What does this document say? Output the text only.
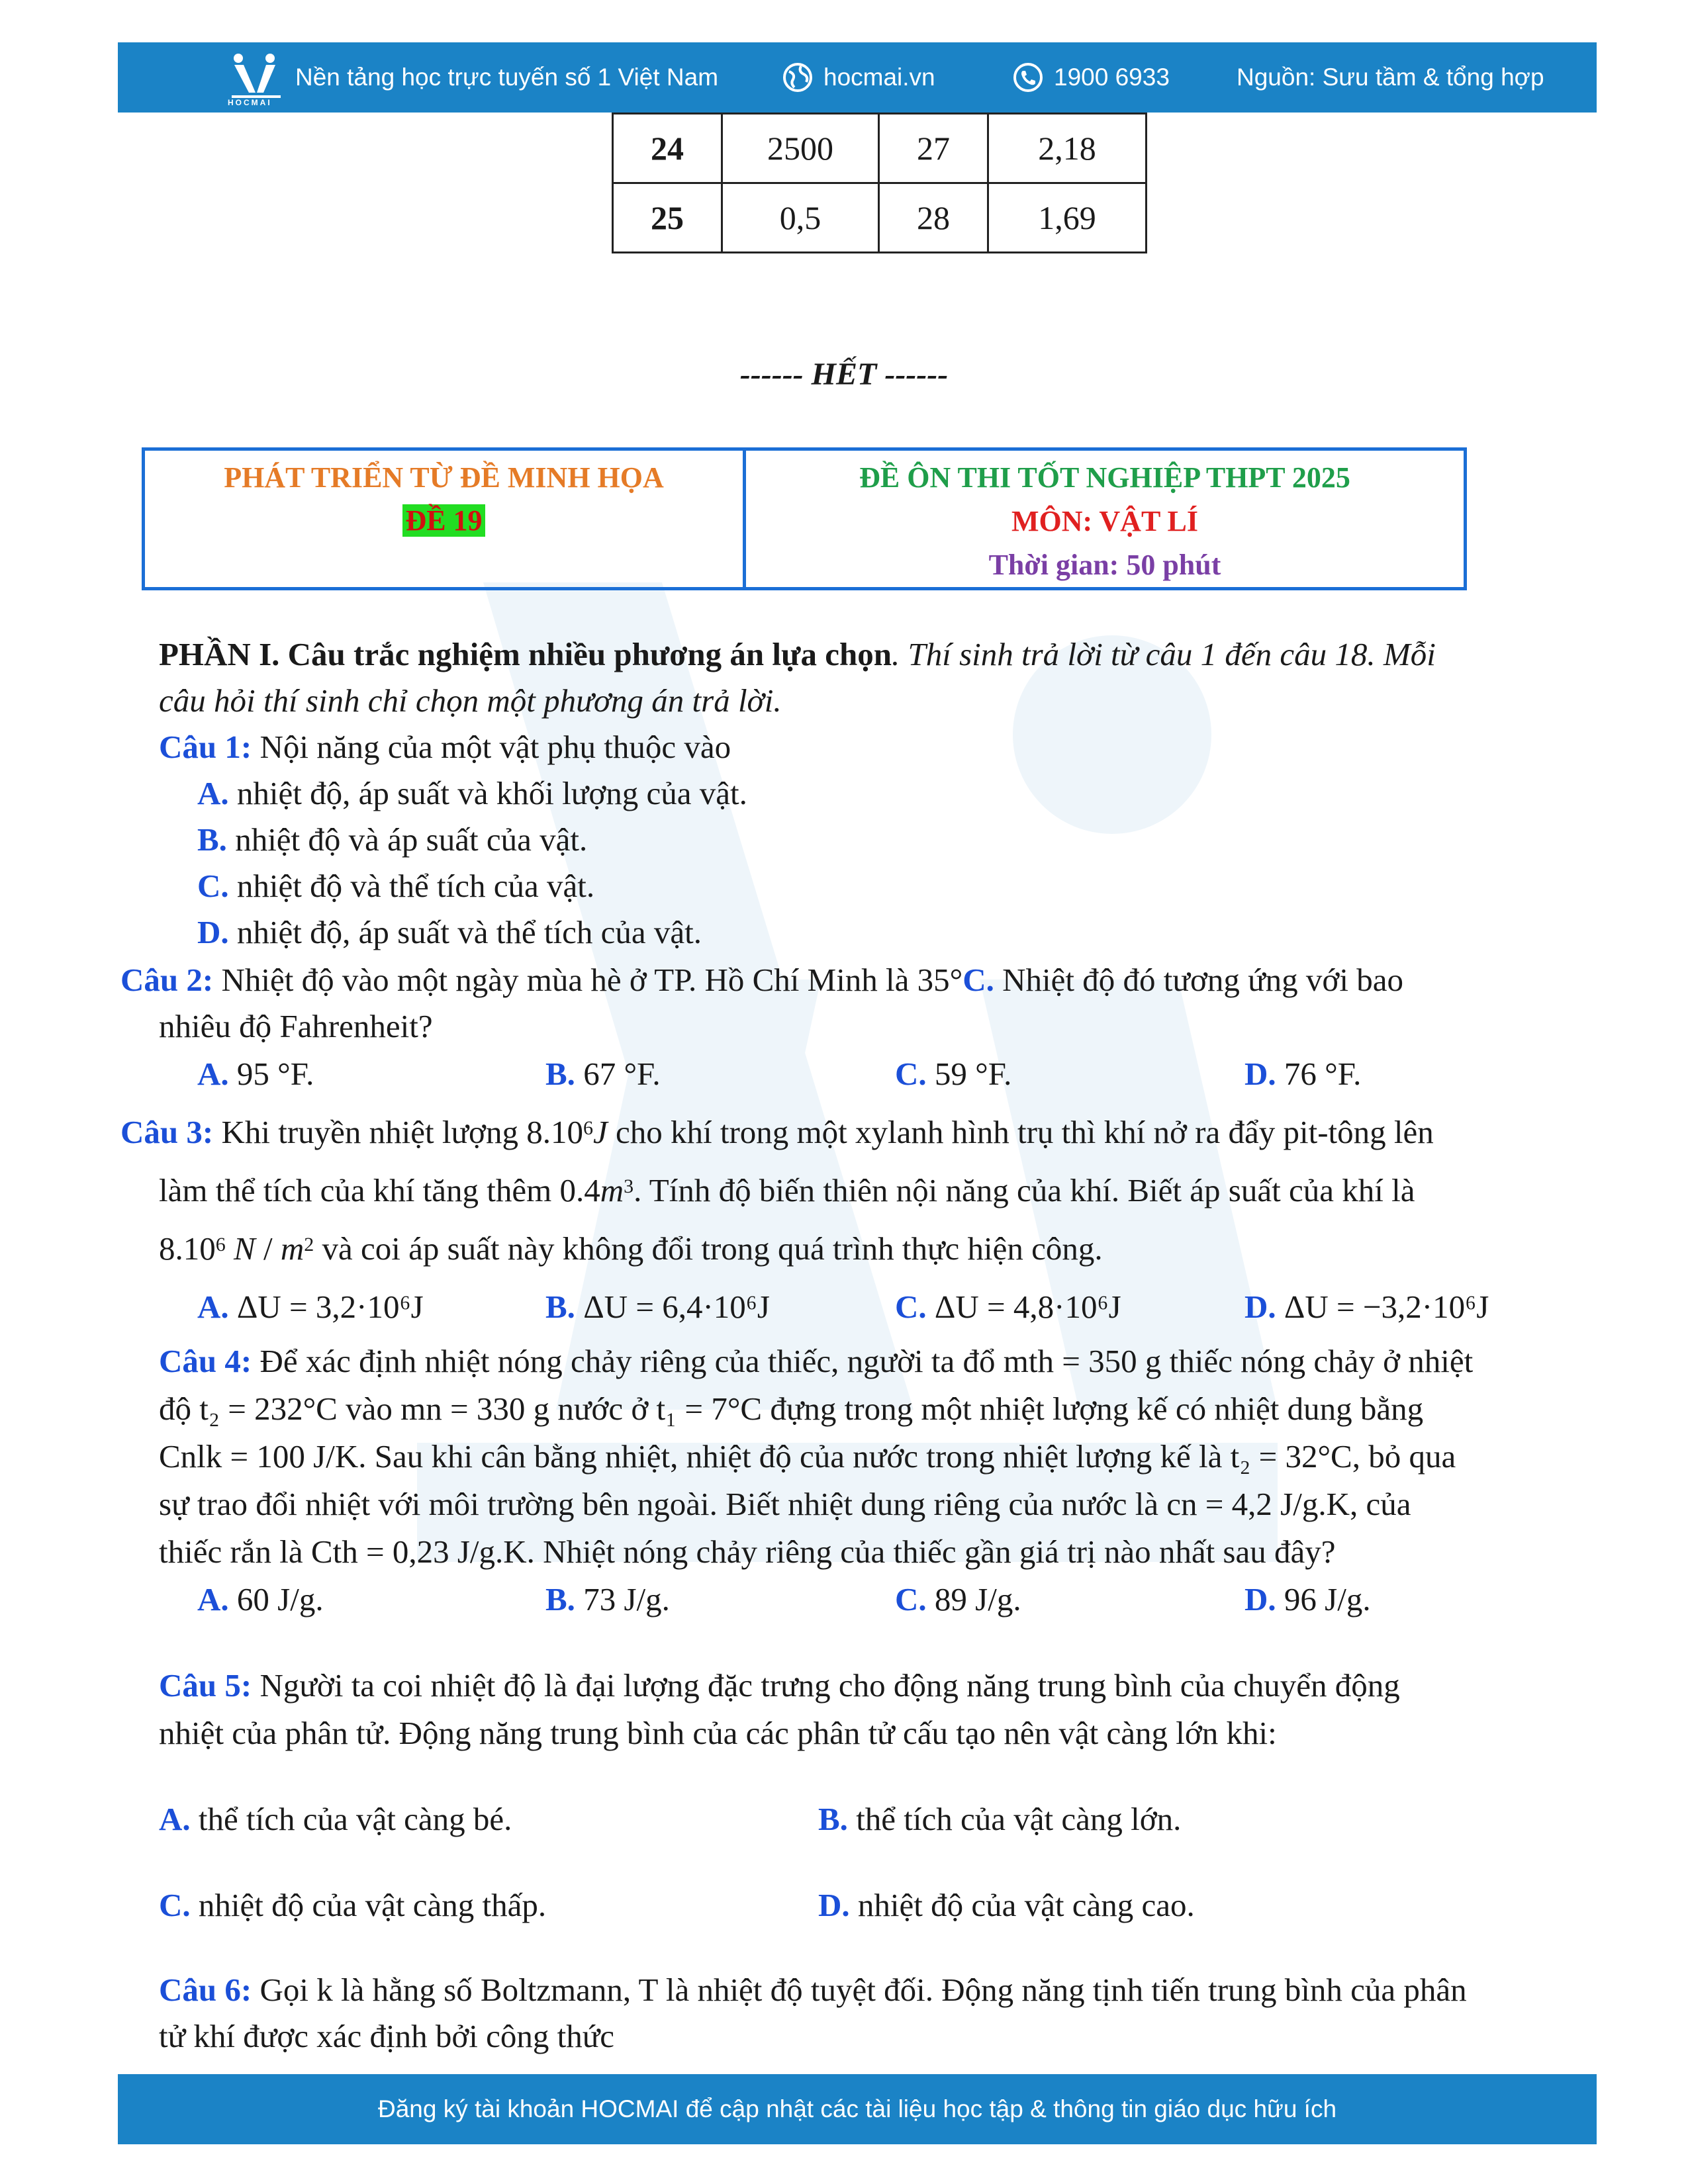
HOCMAI
Nền tảng học trực tuyến số 1 Việt Nam	hocmai.vn	1900 6933	Nguồn: Sưu tầm & tổng hợp
24	2500	27	2,18
25	0,5	28	1,69
------ HẾT ------
PHÁT TRIỂN TỪ ĐỀ MINH HỌA
ĐỀ 19
ĐỀ ÔN THI TỐT NGHIỆP THPT 2025
MÔN: VẬT LÍ
Thời gian: 50 phút
PHẦN I. Câu trắc nghiệm nhiều phương án lựa chọn. Thí sinh trả lời từ câu 1 đến câu 18. Mỗi
câu hỏi thí sinh chỉ chọn một phương án trả lời.
Câu 1: Nội năng của một vật phụ thuộc vào
A. nhiệt độ, áp suất và khối lượng của vật.
B. nhiệt độ và áp suất của vật.
C. nhiệt độ và thể tích của vật.
D. nhiệt độ, áp suất và thể tích của vật.
Câu 2: Nhiệt độ vào một ngày mùa hè ở TP. Hồ Chí Minh là 35°C. Nhiệt độ đó tương ứng với bao
nhiêu độ Fahrenheit?
A. 95 °F.	B. 67 °F.	C. 59 °F.	D. 76 °F.
Câu 3: Khi truyền nhiệt lượng 8.10$^6$J cho khí trong một xylanh hình trụ thì khí nở ra đẩy pit-tông lên
làm thể tích của khí tăng thêm $0.4m^3$. Tính độ biến thiên nội năng của khí. Biết áp suất của khí là
8.10$^6$ N / $m^2$ và coi áp suất này không đổi trong quá trình thực hiện công.
A. ΔU = 3,2·10⁶J	B. ΔU = 6,4·10⁶J	C. ΔU = 4,8·10⁶J	D. ΔU = −3,2·10⁶J
Câu 4: Để xác định nhiệt nóng chảy riêng của thiếc, người ta đổ mth = 350 g thiếc nóng chảy ở nhiệt
độ t₂ = 232°C vào mn = 330 g nước ở t₁ = 7°C đựng trong một nhiệt lượng kế có nhiệt dung bằng
Cnlk = 100 J/K. Sau khi cân bằng nhiệt, nhiệt độ của nước trong nhiệt lượng kế là t₂ = 32°C, bỏ qua
sự trao đổi nhiệt với môi trường bên ngoài. Biết nhiệt dung riêng của nước là cn = 4,2 J/g.K, của
thiếc rắn là Cth = 0,23 J/g.K. Nhiệt nóng chảy riêng của thiếc gần giá trị nào nhất sau đây?
A. 60 J/g.	B. 73 J/g.	C. 89 J/g.	D. 96 J/g.
Câu 5: Người ta coi nhiệt độ là đại lượng đặc trưng cho động năng trung bình của chuyển động
nhiệt của phân tử. Động năng trung bình của các phân tử cấu tạo nên vật càng lớn khi:
A. thể tích của vật càng bé.	B. thể tích của vật càng lớn.
C. nhiệt độ của vật càng thấp.	D. nhiệt độ của vật càng cao.
Câu 6: Gọi k là hằng số Boltzmann, T là nhiệt độ tuyệt đối. Động năng tịnh tiến trung bình của phân
tử khí được xác định bởi công thức
Đăng ký tài khoản HOCMAI để cập nhật các tài liệu học tập & thông tin giáo dục hữu ích
